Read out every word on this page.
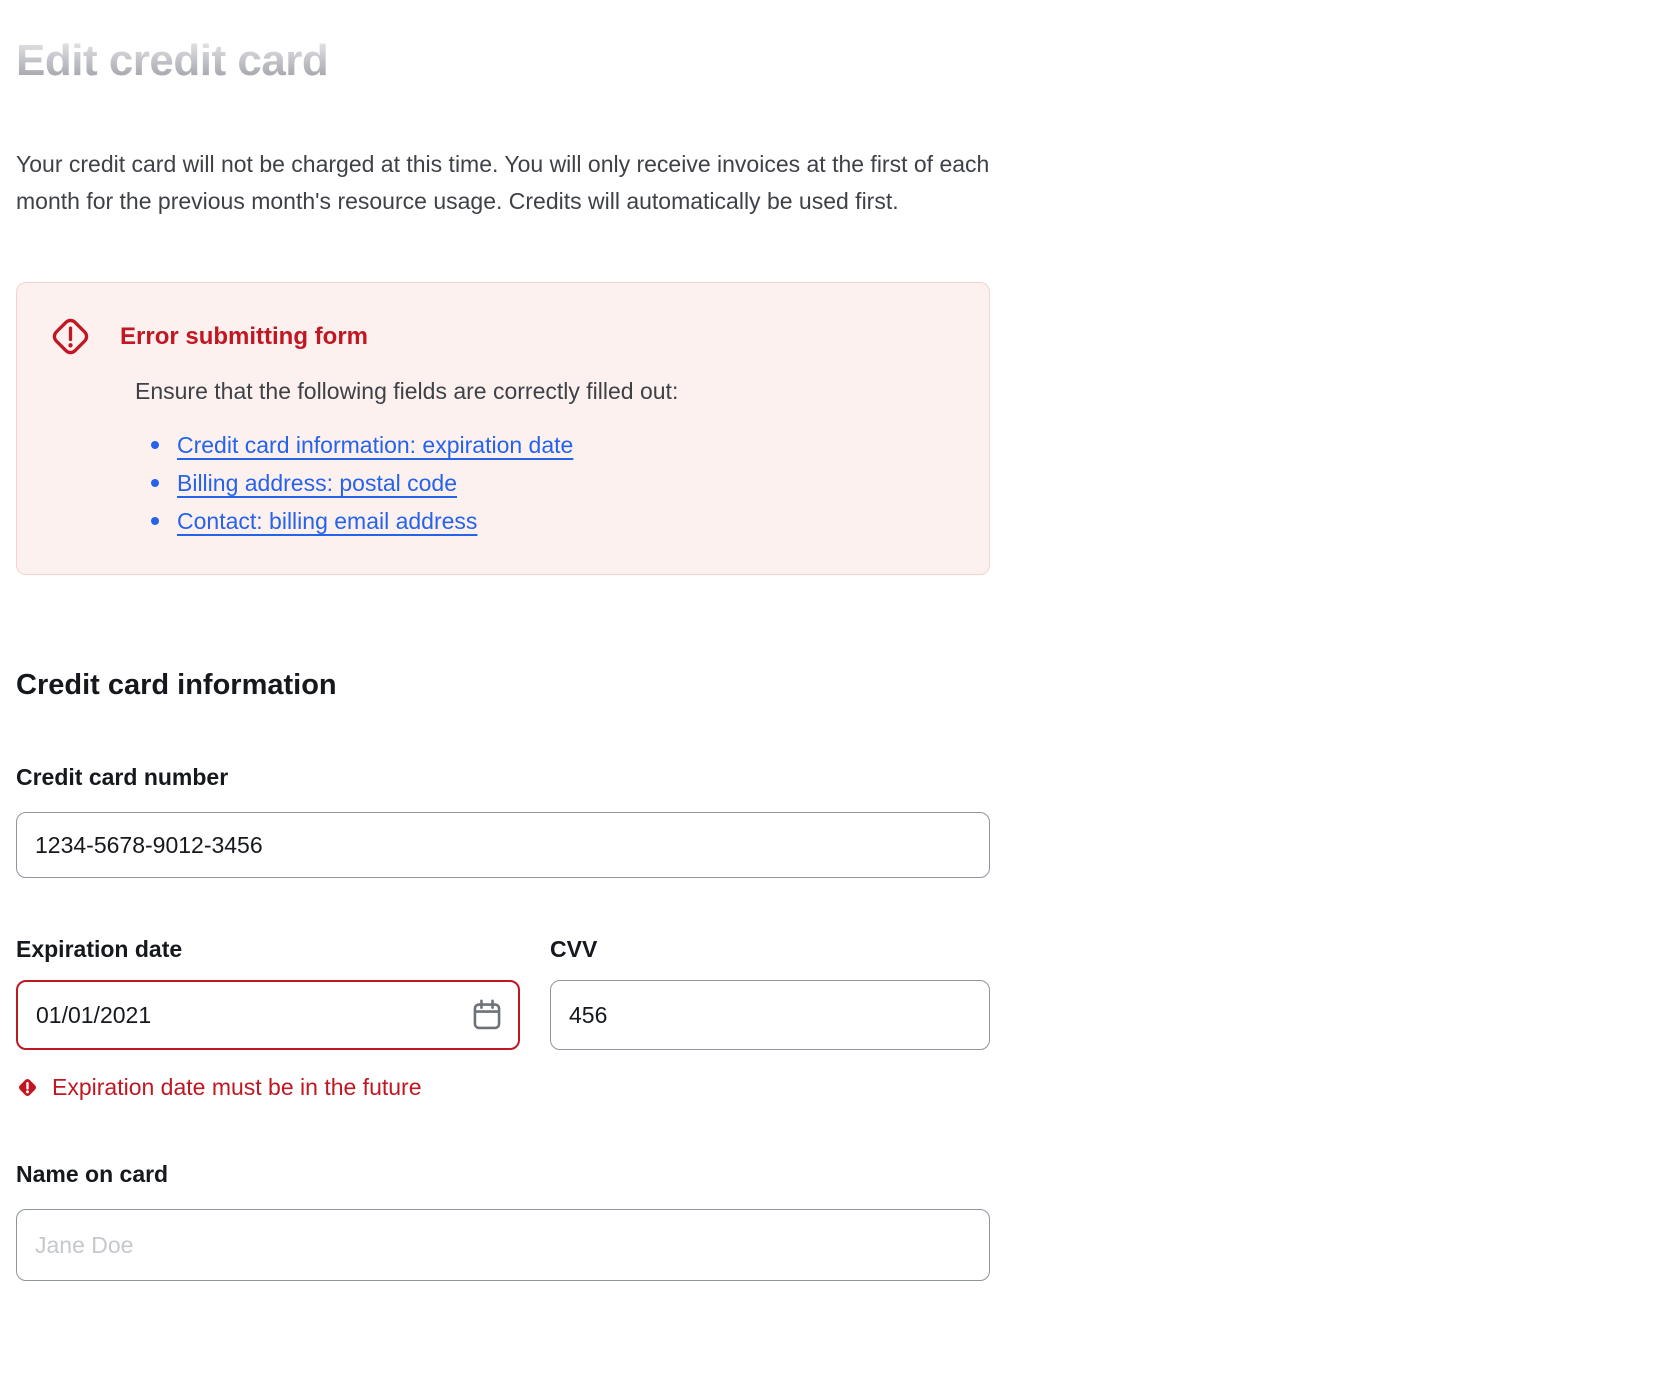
Edit credit card

Your credit card will not be charged at this time. You will only receive invoices at the first of each month for the previous month's resource usage. Credits will automatically be used first.

Error submitting form
Ensure that the following fields are correctly filled out:
Credit card information: expiration date
Billing address: postal code
Contact: billing email address
Credit card information
Credit card number
1234-5678-9012-3456
Expiration date
01/01/2021
Expiration date must be in the future
CVV
456
Name on card
Jane Doe
